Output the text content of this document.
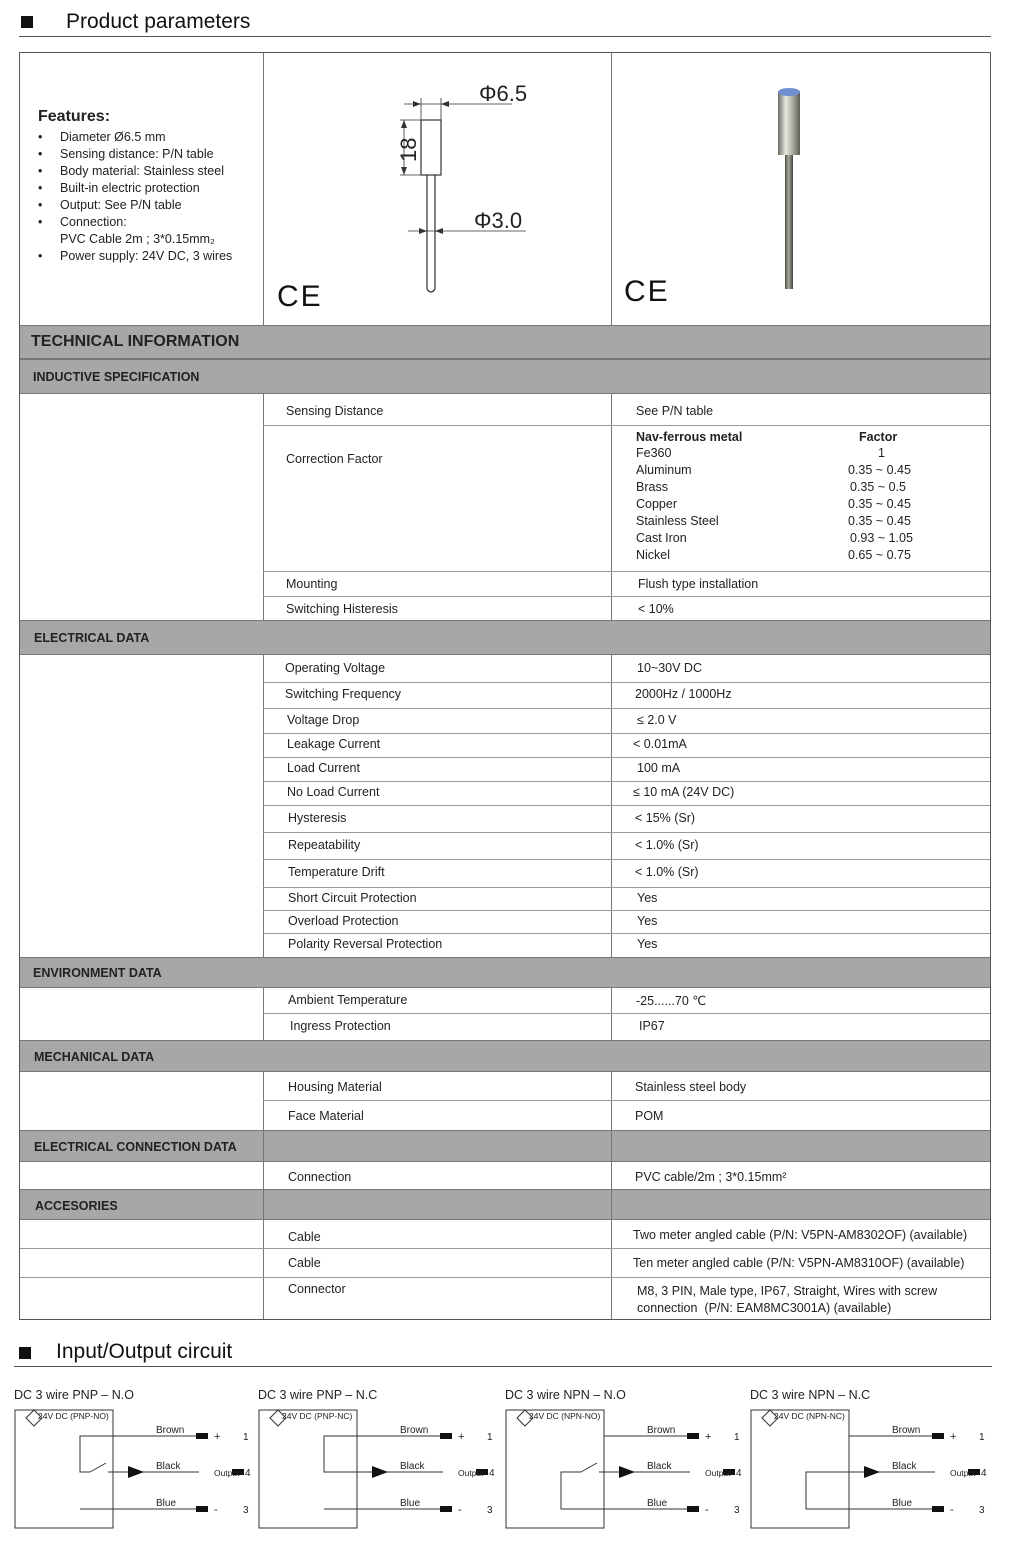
Product parameters
Features:
• Diameter Ø6.5 mm
• Sensing distance: P/N table
• Body material: Stainless steel
• Built-in electric protection
• Output: See P/N table
• Connection:
PVC Cable 2m ; 3*0.15mm₂
• Power supply: 24V DC, 3 wires
Φ6.5
18
Φ3.0
CE	CE
TECHNICAL INFORMATION
INDUCTIVE SPECIFICATION
Sensing Distance	See P/N table
Correction Factor
Nav-ferrous metal	Factor
Fe360	1
Aluminum	0.35 ~ 0.45
Brass	0.35 ~ 0.5
Copper	0.35 ~ 0.45
Stainless Steel	0.35 ~ 0.45
Cast Iron	0.93 ~ 1.05
Nickel	0.65 ~ 0.75
Mounting	Flush type installation
Switching Histeresis	< 10%
ELECTRICAL DATA
Operating Voltage	10~30V DC
Switching Frequency	2000Hz / 1000Hz
Voltage Drop	≤ 2.0 V
Leakage Current	< 0.01mA
Load Current	100 mA
No Load Current	≤ 10 mA (24V DC)
Hysteresis	< 15% (Sr)
Repeatability	< 1.0% (Sr)
Temperature Drift	< 1.0% (Sr)
Short Circuit Protection	Yes
Overload Protection	Yes
Polarity Reversal Protection	Yes
ENVIRONMENT DATA
Ambient Temperature	-25......70 ℃
Ingress Protection	IP67
MECHANICAL DATA
Housing Material	Stainless steel body
Face Material	POM
ELECTRICAL CONNECTION DATA
Connection	PVC cable/2m ; 3*0.15mm²
ACCESORIES
Cable	Two meter angled cable (P/N: V5PN-AM8302OF) (available)
Cable	Ten meter angled cable (P/N: V5PN-AM8310OF) (available)
Connector	M8, 3 PIN, Male type, IP67, Straight, Wires with screw
connection  (P/N: EAM8MC3001A) (available)
Input/Output circuit
DC 3 wire PNP – N.O
24V DC (PNP-NO)
Brown
Black
Blue
+
Output
-
1
4
3
DC 3 wire PNP – N.C
24V DC (PNP-NC)
Brown
Black
Blue
+
Output
-
1
4
3
DC 3 wire NPN – N.O
24V DC (NPN-NO)
Brown
Black
Blue
+
Output
-
1
4
3
DC 3 wire NPN – N.C
24V DC (NPN-NC)
Brown
Black
Blue
+
Output
-
1
4
3
